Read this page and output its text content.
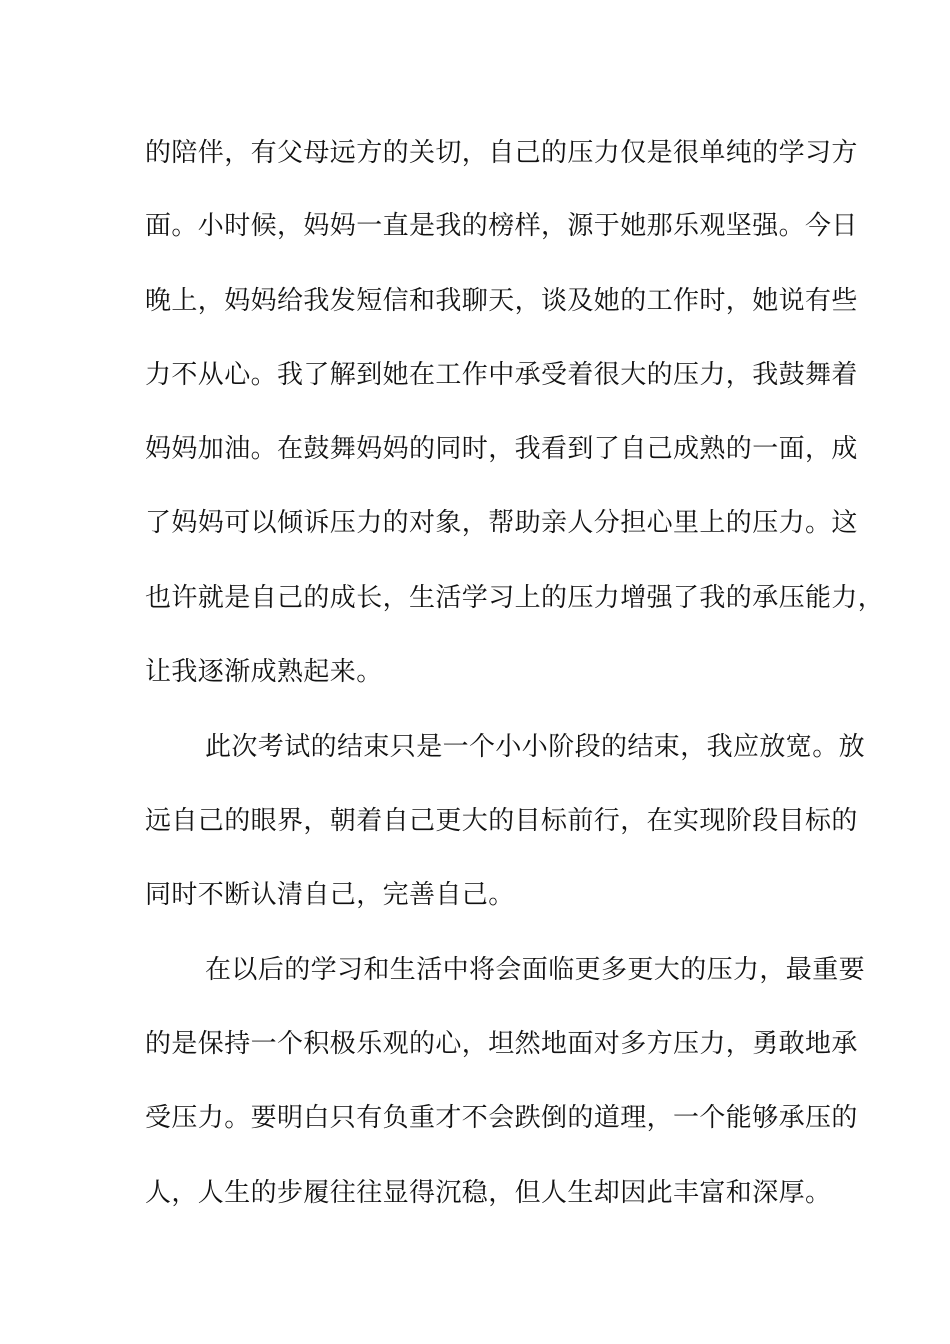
的陪伴，有父母远方的关切，自己的压力仅是很单纯的学习方
面。小时候，妈妈一直是我的榜样，源于她那乐观坚强。今日
晚上，妈妈给我发短信和我聊天，谈及她的工作时，她说有些
力不从心。我了解到她在工作中承受着很大的压力，我鼓舞着
妈妈加油。在鼓舞妈妈的同时，我看到了自己成熟的一面，成
了妈妈可以倾诉压力的对象，帮助亲人分担心里上的压力。这
也许就是自己的成长，生活学习上的压力增强了我的承压能力，
让我逐渐成熟起来。
此次考试的结束只是一个小小阶段的结束，我应放宽。放
远自己的眼界，朝着自己更大的目标前行，在实现阶段目标的
同时不断认清自己，完善自己。
在以后的学习和生活中将会面临更多更大的压力，最重要
的是保持一个积极乐观的心，坦然地面对多方压力，勇敢地承
受压力。要明白只有负重才不会跌倒的道理，一个能够承压的
人，人生的步履往往显得沉稳，但人生却因此丰富和深厚。
